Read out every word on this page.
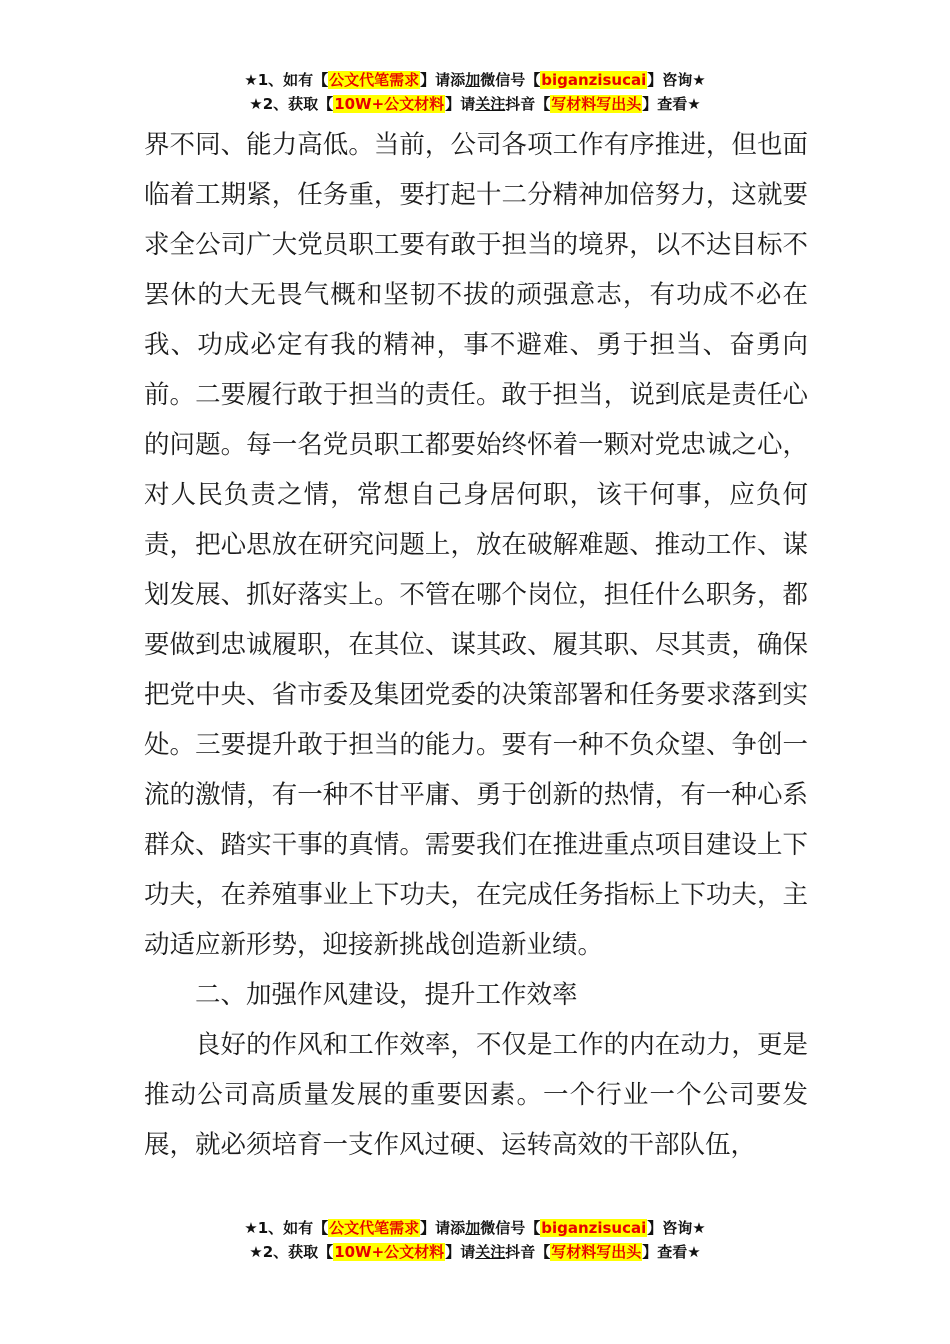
★1、如有【公文代笔需求】请添加微信号【biganzisucai】咨询★
★2、获取【10W+公文材料】请关注抖音【写材料写出头】查看★

界不同、能力高低。当前，公司各项工作有序推进，但也面临着工期紧，任务重，要打起十二分精神加倍努力，这就要求全公司广大党员职工要有敢于担当的境界，以不达目标不罢休的大无畏气概和坚韧不拔的顽强意志，有功成不必在我、功成必定有我的精神，事不避难、勇于担当、奋勇向前。二要履行敢于担当的责任。敢于担当，说到底是责任心的问题。每一名党员职工都要始终怀着一颗对党忠诚之心，对人民负责之情，常想自己身居何职，该干何事，应负何责，把心思放在研究问题上，放在破解难题、推动工作、谋划发展、抓好落实上。不管在哪个岗位，担任什么职务，都要做到忠诚履职，在其位、谋其政、履其职、尽其责，确保把党中央、省市委及集团党委的决策部署和任务要求落到实处。三要提升敢于担当的能力。要有一种不负众望、争创一流的激情，有一种不甘平庸、勇于创新的热情，有一种心系群众、踏实干事的真情。需要我们在推进重点项目建设上下功夫，在养殖事业上下功夫，在完成任务指标上下功夫，主动适应新形势，迎接新挑战创造新业绩。

二、加强作风建设，提升工作效率

良好的作风和工作效率，不仅是工作的内在动力，更是推动公司高质量发展的重要因素。一个行业一个公司要发展，就必须培育一支作风过硬、运转高效的干部队伍，

★1、如有【公文代笔需求】请添加微信号【biganzisucai】咨询★
★2、获取【10W+公文材料】请关注抖音【写材料写出头】查看★
